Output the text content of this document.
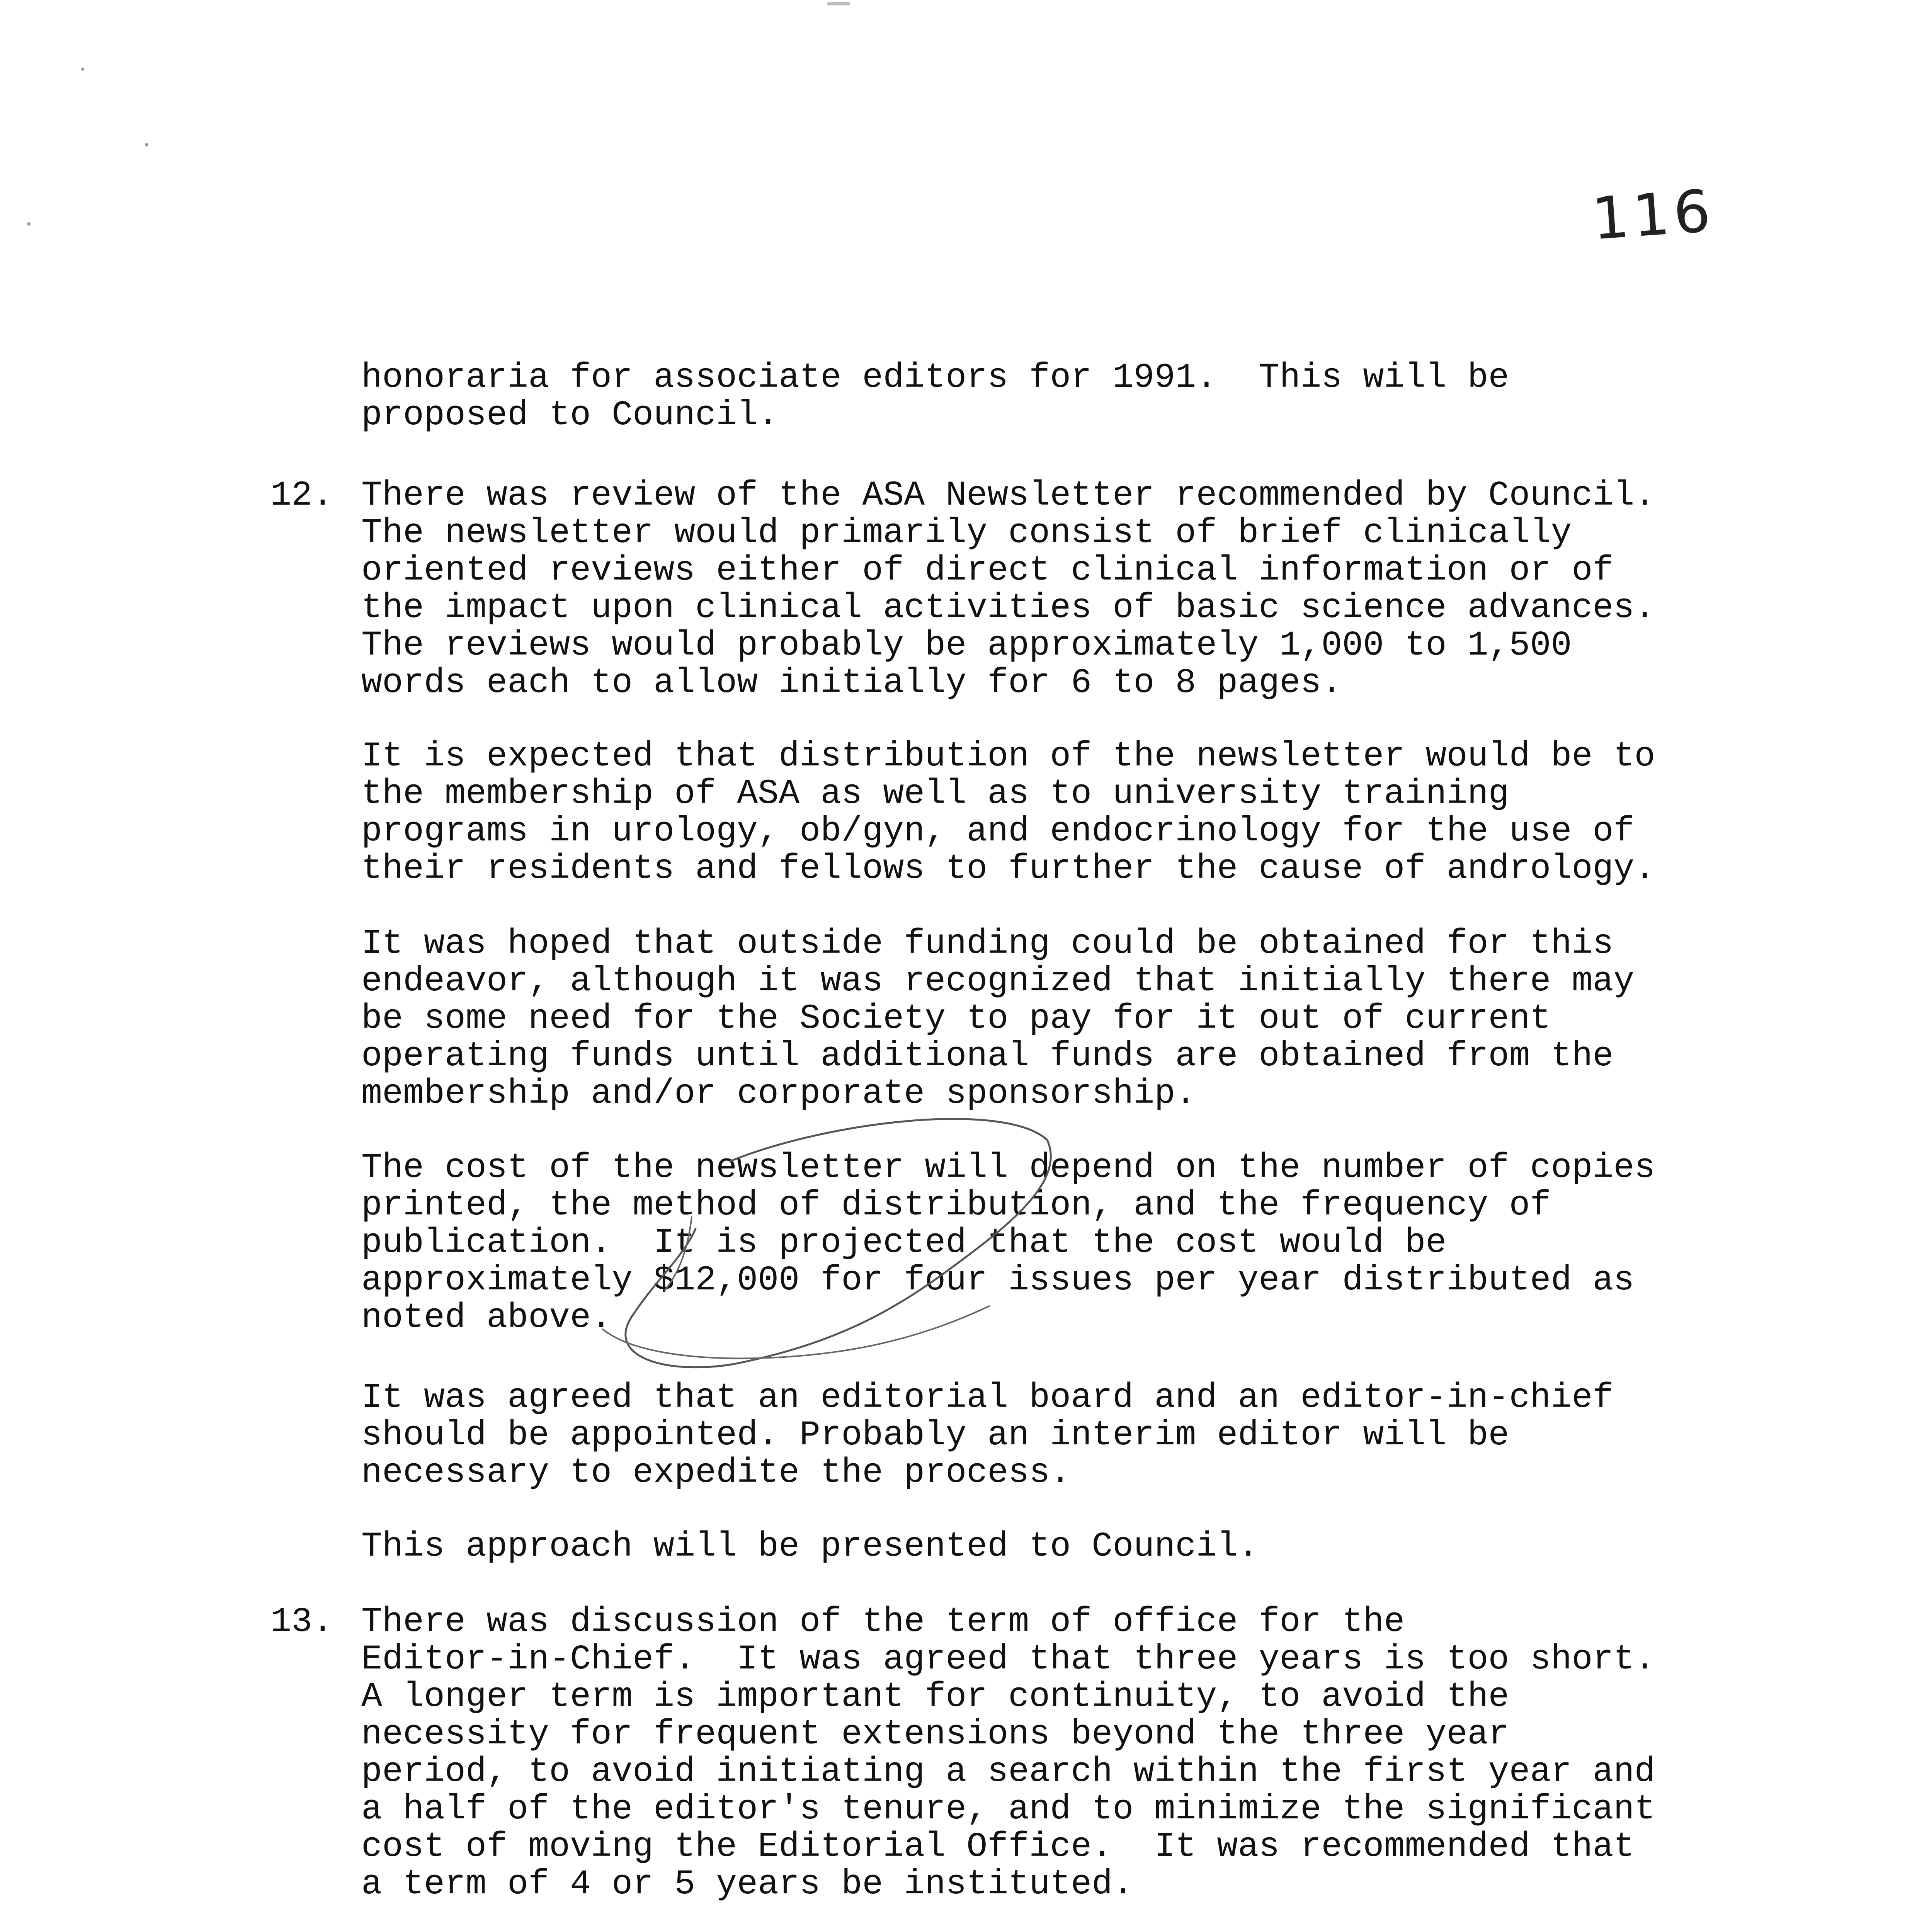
116
honoraria for associate editors for 1991.  This will be
proposed to Council.
12. There was review of the ASA Newsletter recommended by Council.
The newsletter would primarily consist of brief clinically
oriented reviews either of direct clinical information or of
the impact upon clinical activities of basic science advances.
The reviews would probably be approximately 1,000 to 1,500
words each to allow initially for 6 to 8 pages.
It is expected that distribution of the newsletter would be to
the membership of ASA as well as to university training
programs in urology, ob/gyn, and endocrinology for the use of
their residents and fellows to further the cause of andrology.
It was hoped that outside funding could be obtained for this
endeavor, although it was recognized that initially there may
be some need for the Society to pay for it out of current
operating funds until additional funds are obtained from the
membership and/or corporate sponsorship.
The cost of the newsletter will depend on the number of copies
printed, the method of distribution, and the frequency of
publication.  It is projected that the cost would be
approximately $12,000 for four issues per year distributed as
noted above.
It was agreed that an editorial board and an editor-in-chief
should be appointed. Probably an interim editor will be
necessary to expedite the process.
This approach will be presented to Council.
13. There was discussion of the term of office for the
Editor-in-Chief.  It was agreed that three years is too short.
A longer term is important for continuity, to avoid the
necessity for frequent extensions beyond the three year
period, to avoid initiating a search within the first year and
a half of the editor's tenure, and to minimize the significant
cost of moving the Editorial Office.  It was recommended that
a term of 4 or 5 years be instituted.
